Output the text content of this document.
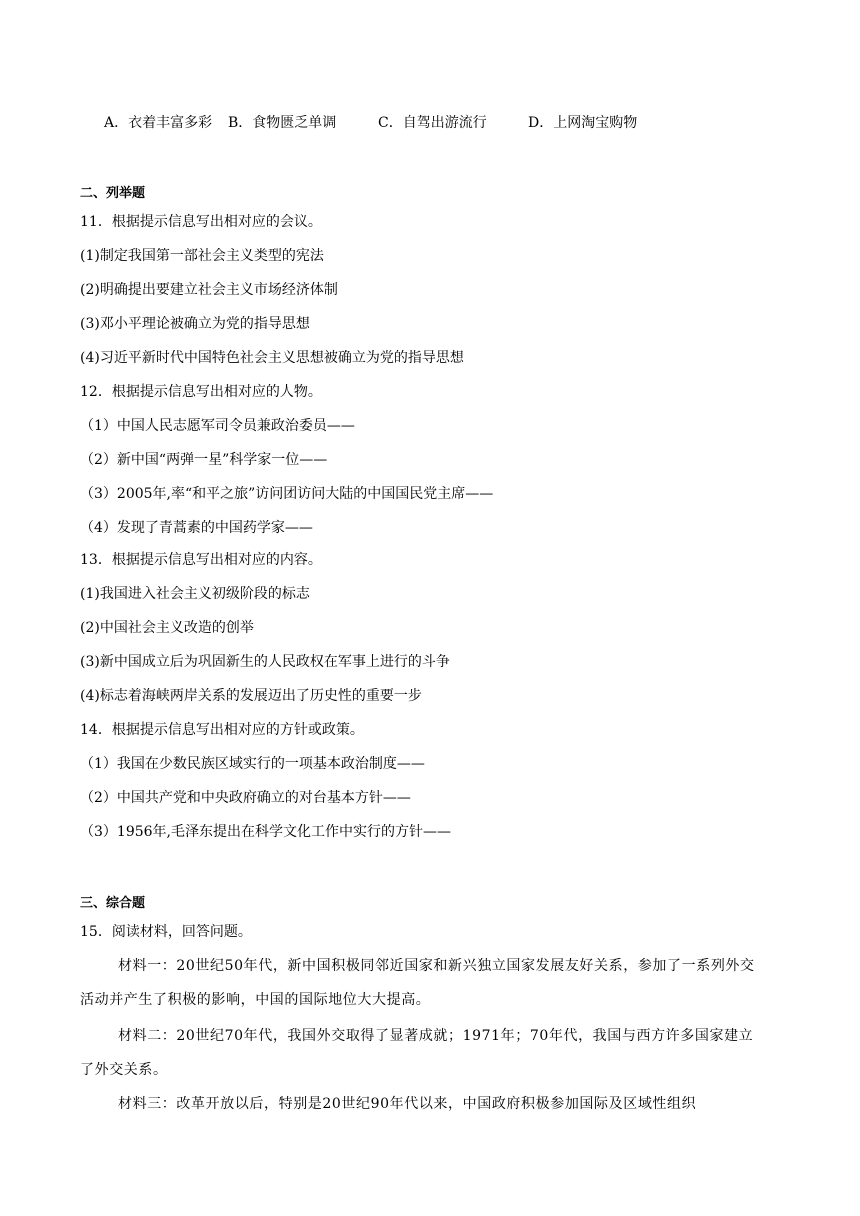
A．衣着丰富多彩 B．食物匮乏单调	C．自驾出游流行	D．上网淘宝购物
二、列举题
11．根据提示信息写出相对应的会议。
(1)制定我国第一部社会主义类型的宪法
(2)明确提出要建立社会主义市场经济体制
(3)邓小平理论被确立为党的指导思想
(4)习近平新时代中国特色社会主义思想被确立为党的指导思想
12．根据提示信息写出相对应的人物。
（1）中国人民志愿军司令员兼政治委员——
（2）新中国“两弹一星”科学家一位——
（3）2005年,率“和平之旅”访问团访问大陆的中国国民党主席——
（4）发现了青蒿素的中国药学家——
13．根据提示信息写出相对应的内容。
(1)我国进入社会主义初级阶段的标志
(2)中国社会主义改造的创举
(3)新中国成立后为巩固新生的人民政权在军事上进行的斗争
(4)标志着海峡两岸关系的发展迈出了历史性的重要一步
14．根据提示信息写出相对应的方针或政策。
（1）我国在少数民族区域实行的一项基本政治制度——
（2）中国共产党和中央政府确立的对台基本方针——
（3）1956年,毛泽东提出在科学文化工作中实行的方针——
三、综合题
15．阅读材料，回答问题。
材料一：20世纪50年代，新中国积极同邻近国家和新兴独立国家发展友好关系，参加了一系列外交
活动并产生了积极的影响，中国的国际地位大大提高。
材料二：20世纪70年代，我国外交取得了显著成就；1971年；70年代，我国与西方许多国家建立
了外交关系。
材料三：改革开放以后，特别是20世纪90年代以来，中国政府积极参加国际及区域性组织
